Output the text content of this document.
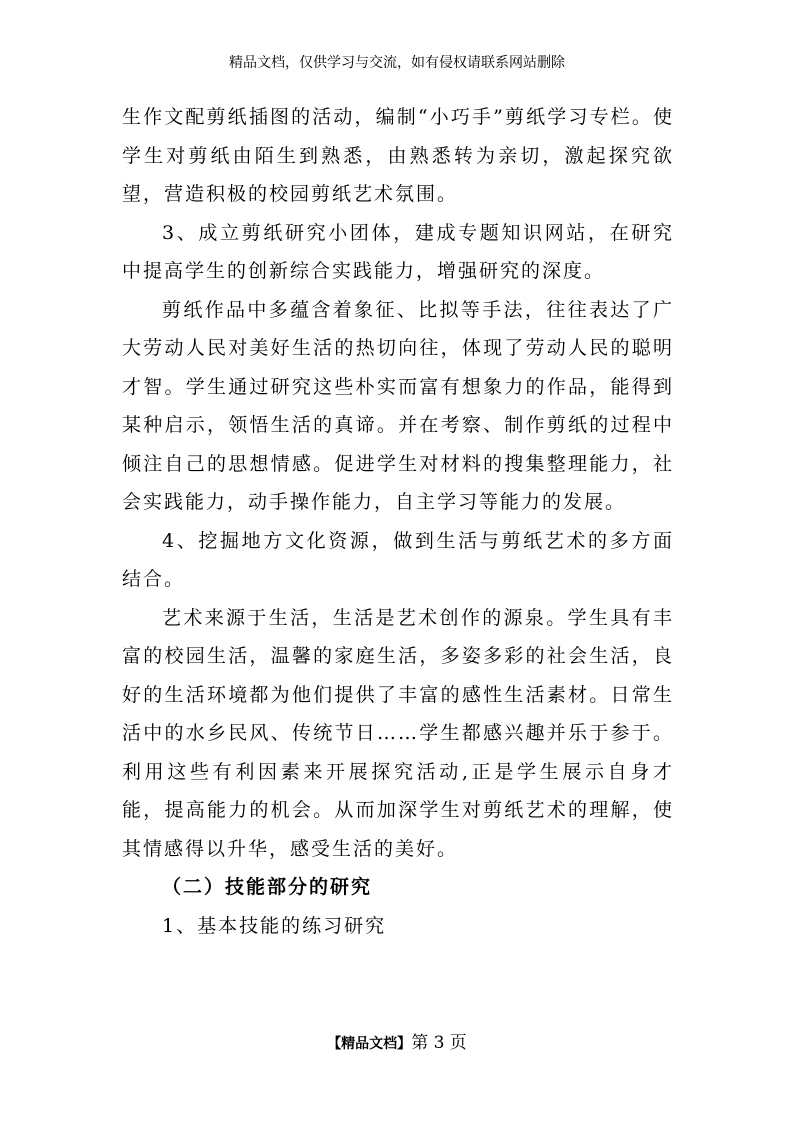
精品文档，仅供学习与交流，如有侵权请联系网站删除

生作文配剪纸插图的活动，编制“小巧手”剪纸学习专栏。使学生对剪纸由陌生到熟悉，由熟悉转为亲切，激起探究欲望，营造积极的校园剪纸艺术氛围。

3、成立剪纸研究小团体，建成专题知识网站，在研究中提高学生的创新综合实践能力，增强研究的深度。

剪纸作品中多蕴含着象征、比拟等手法，往往表达了广大劳动人民对美好生活的热切向往，体现了劳动人民的聪明才智。学生通过研究这些朴实而富有想象力的作品，能得到某种启示，领悟生活的真谛。并在考察、制作剪纸的过程中倾注自己的思想情感。促进学生对材料的搜集整理能力，社会实践能力，动手操作能力，自主学习等能力的发展。

4、挖掘地方文化资源，做到生活与剪纸艺术的多方面结合。

艺术来源于生活，生活是艺术创作的源泉。学生具有丰富的校园生活，温馨的家庭生活，多姿多彩的社会生活，良好的生活环境都为他们提供了丰富的感性生活素材。日常生活中的水乡民风、传统节日……学生都感兴趣并乐于参于。利用这些有利因素来开展探究活动,正是学生展示自身才能，提高能力的机会。从而加深学生对剪纸艺术的理解，使其情感得以升华，感受生活的美好。

（二）技能部分的研究

1、基本技能的练习研究

【精品文档】第 3 页
